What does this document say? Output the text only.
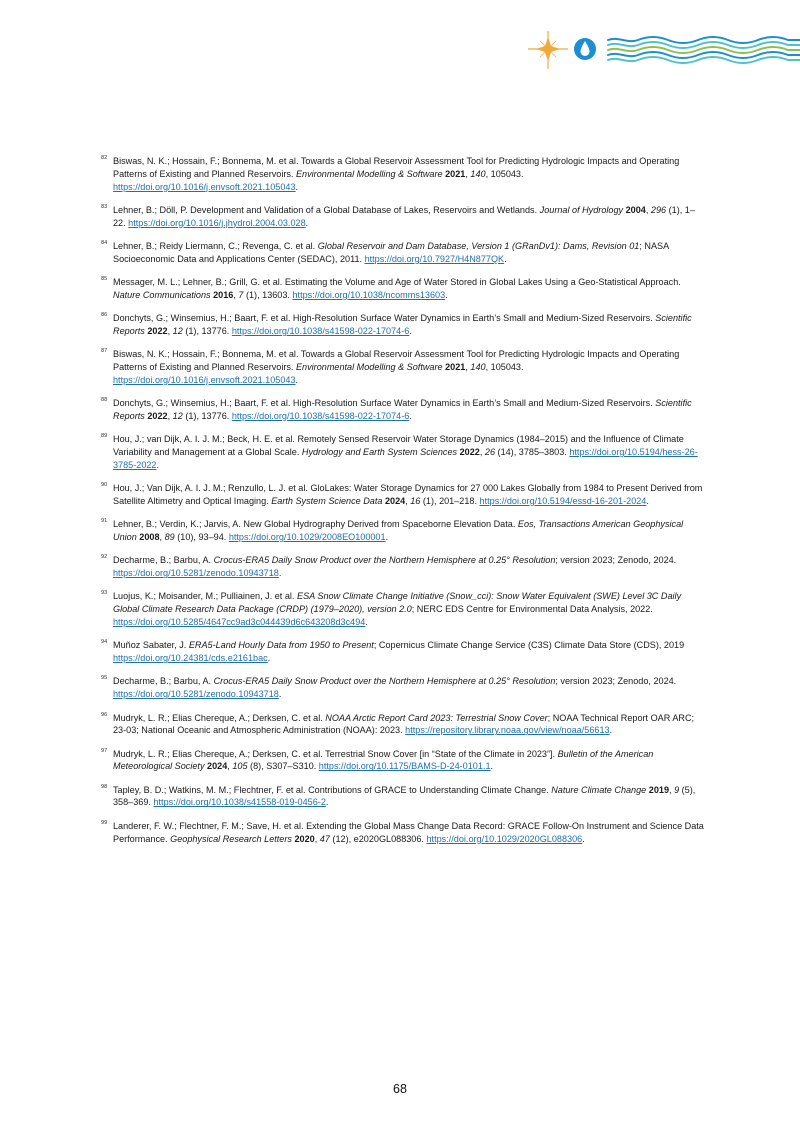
82 Biswas, N. K.; Hossain, F.; Bonnema, M. et al. Towards a Global Reservoir Assessment Tool for Predicting Hydrologic Impacts and Operating Patterns of Existing and Planned Reservoirs. Environmental Modelling & Software 2021, 140, 105043. https://doi.org/10.1016/j.envsoft.2021.105043.
83 Lehner, B.; Döll, P. Development and Validation of a Global Database of Lakes, Reservoirs and Wetlands. Journal of Hydrology 2004, 296 (1), 1–22. https://doi.org/10.1016/j.jhydrol.2004.03.028.
84 Lehner, B.; Reidy Liermann, C.; Revenga, C. et al. Global Reservoir and Dam Database, Version 1 (GRanDv1): Dams, Revision 01; NASA Socioeconomic Data and Applications Center (SEDAC), 2011. https://doi.org/10.7927/H4N877QK.
85 Messager, M. L.; Lehner, B.; Grill, G. et al. Estimating the Volume and Age of Water Stored in Global Lakes Using a Geo-Statistical Approach. Nature Communications 2016, 7 (1), 13603. https://doi.org/10.1038/ncomms13603.
86 Donchyts, G.; Winsemius, H.; Baart, F. et al. High-Resolution Surface Water Dynamics in Earth’s Small and Medium-Sized Reservoirs. Scientific Reports 2022, 12 (1), 13776. https://doi.org/10.1038/s41598-022-17074-6.
87 Biswas, N. K.; Hossain, F.; Bonnema, M. et al. Towards a Global Reservoir Assessment Tool for Predicting Hydrologic Impacts and Operating Patterns of Existing and Planned Reservoirs. Environmental Modelling & Software 2021, 140, 105043. https://doi.org/10.1016/j.envsoft.2021.105043.
88 Donchyts, G.; Winsemius, H.; Baart, F. et al. High-Resolution Surface Water Dynamics in Earth’s Small and Medium-Sized Reservoirs. Scientific Reports 2022, 12 (1), 13776. https://doi.org/10.1038/s41598-022-17074-6.
89 Hou, J.; van Dijk, A. I. J. M.; Beck, H. E. et al. Remotely Sensed Reservoir Water Storage Dynamics (1984–2015) and the Influence of Climate Variability and Management at a Global Scale. Hydrology and Earth System Sciences 2022, 26 (14), 3785–3803. https://doi.org/10.5194/hess-26-3785-2022.
90 Hou, J.; Van Dijk, A. I. J. M.; Renzullo, L. J. et al. GloLakes: Water Storage Dynamics for 27 000 Lakes Globally from 1984 to Present Derived from Satellite Altimetry and Optical Imaging. Earth System Science Data 2024, 16 (1), 201–218. https://doi.org/10.5194/essd-16-201-2024.
91 Lehner, B.; Verdin, K.; Jarvis, A. New Global Hydrography Derived from Spaceborne Elevation Data. Eos, Transactions American Geophysical Union 2008, 89 (10), 93–94. https://doi.org/10.1029/2008EO100001.
92 Decharme, B.; Barbu, A. Crocus-ERA5 Daily Snow Product over the Northern Hemisphere at 0.25° Resolution; version 2023; Zenodo, 2024. https://doi.org/10.5281/zenodo.10943718.
93 Luojus, K.; Moisander, M.; Pulliainen, J. et al. ESA Snow Climate Change Initiative (Snow_cci): Snow Water Equivalent (SWE) Level 3C Daily Global Climate Research Data Package (CRDP) (1979–2020), version 2.0; NERC EDS Centre for Environmental Data Analysis, 2022. https://doi.org/10.5285/4647cc9ad3c044439d6c643208d3c494.
94 Muñoz Sabater, J. ERA5-Land Hourly Data from 1950 to Present; Copernicus Climate Change Service (C3S) Climate Data Store (CDS), 2019 https://doi.org/10.24381/cds.e2161bac.
95 Decharme, B.; Barbu, A. Crocus-ERA5 Daily Snow Product over the Northern Hemisphere at 0.25° Resolution; version 2023; Zenodo, 2024. https://doi.org/10.5281/zenodo.10943718.
96 Mudryk, L. R.; Elias Chereque, A.; Derksen, C. et al. NOAA Arctic Report Card 2023: Terrestrial Snow Cover; NOAA Technical Report OAR ARC; 23-03; National Oceanic and Atmospheric Administration (NOAA): 2023. https://repository.library.noaa.gov/view/noaa/56613.
97 Mudryk, L. R.; Elias Chereque, A.; Derksen, C. et al. Terrestrial Snow Cover [in “State of the Climate in 2023”]. Bulletin of the American Meteorological Society 2024, 105 (8), S307–S310. https://doi.org/10.1175/BAMS-D-24-0101.1.
98 Tapley, B. D.; Watkins, M. M.; Flechtner, F. et al. Contributions of GRACE to Understanding Climate Change. Nature Climate Change 2019, 9 (5), 358–369. https://doi.org/10.1038/s41558-019-0456-2.
99 Landerer, F. W.; Flechtner, F. M.; Save, H. et al. Extending the Global Mass Change Data Record: GRACE Follow-On Instrument and Science Data Performance. Geophysical Research Letters 2020, 47 (12), e2020GL088306. https://doi.org/10.1029/2020GL088306.
68
